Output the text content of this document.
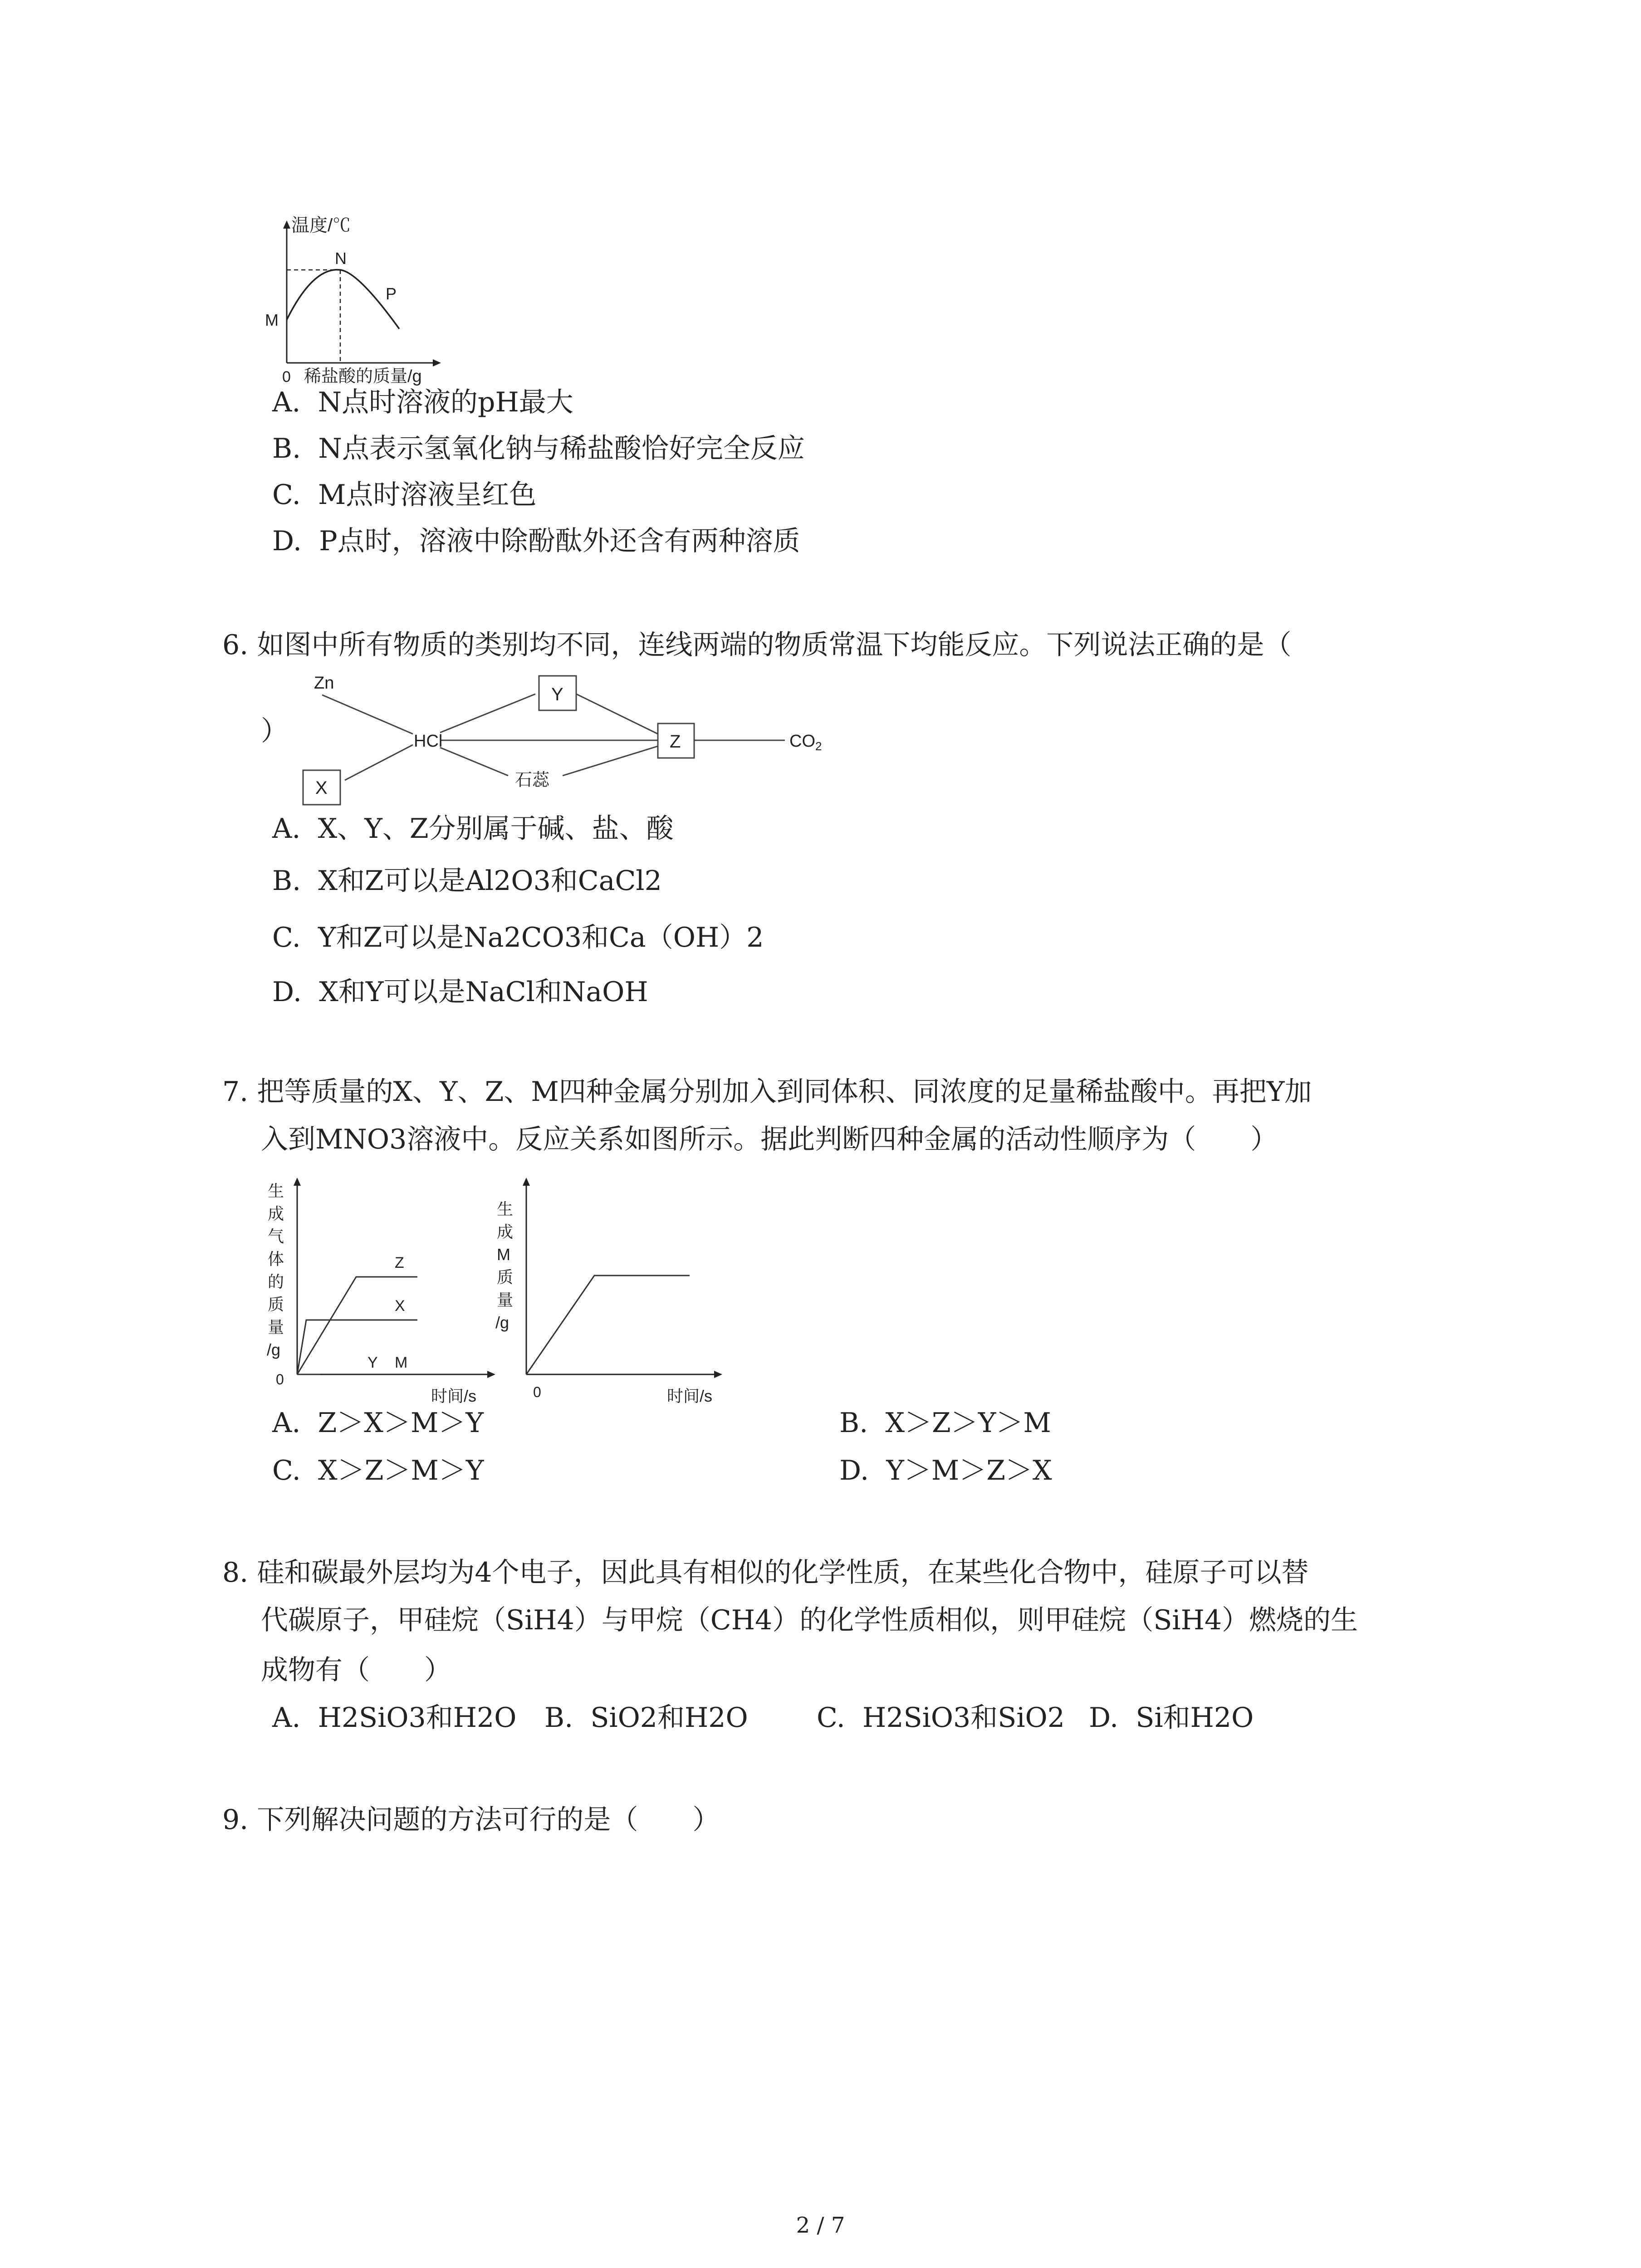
温度/℃
N
M
P
0 稀盐酸的质量/g
A. N点时溶液的pH最大
B. N点表示氢氧化钠与稀盐酸恰好完全反应
C. M点时溶液呈红色
D. P点时，溶液中除酚酞外还含有两种溶质
6. 如图中所有物质的类别均不同，连线两端的物质常温下均能反应。下列说法正确的是（
）
Zn
HCl
Y
Z
X	石蕊
$CO_2$
A. X、Y、Z分别属于碱、盐、酸
B. X和Z可以是Al2O3和CaCl2
C. Y和Z可以是Na2CO3和Ca（OH）2
D. X和Y可以是NaCl和NaOH
7. 把等质量的X、Y、Z、M四种金属分别加入到同体积、同浓度的足量稀盐酸中。再把Y加
入到MNO3溶液中。反应关系如图所示。据此判断四种金属的活动性顺序为（　　）
生
成
气
体
的
质
量
/g
Z
X
Y M
0
时间/s
生
成
M
质
量
/g
0	时间/s
A. Z＞X＞M＞Y	B. X＞Z＞Y＞M
C. X＞Z＞M＞Y	D. Y＞M＞Z＞X
8. 硅和碳最外层均为4个电子，因此具有相似的化学性质，在某些化合物中，硅原子可以替
代碳原子，甲硅烷（SiH4）与甲烷（CH4）的化学性质相似，则甲硅烷（SiH4）燃烧的生
成物有（　　）
A. H2SiO3和H2O B. SiO2和H2O	C. H2SiO3和SiO2 D. Si和H2O
9. 下列解决问题的方法可行的是（　　）
2 / 7
